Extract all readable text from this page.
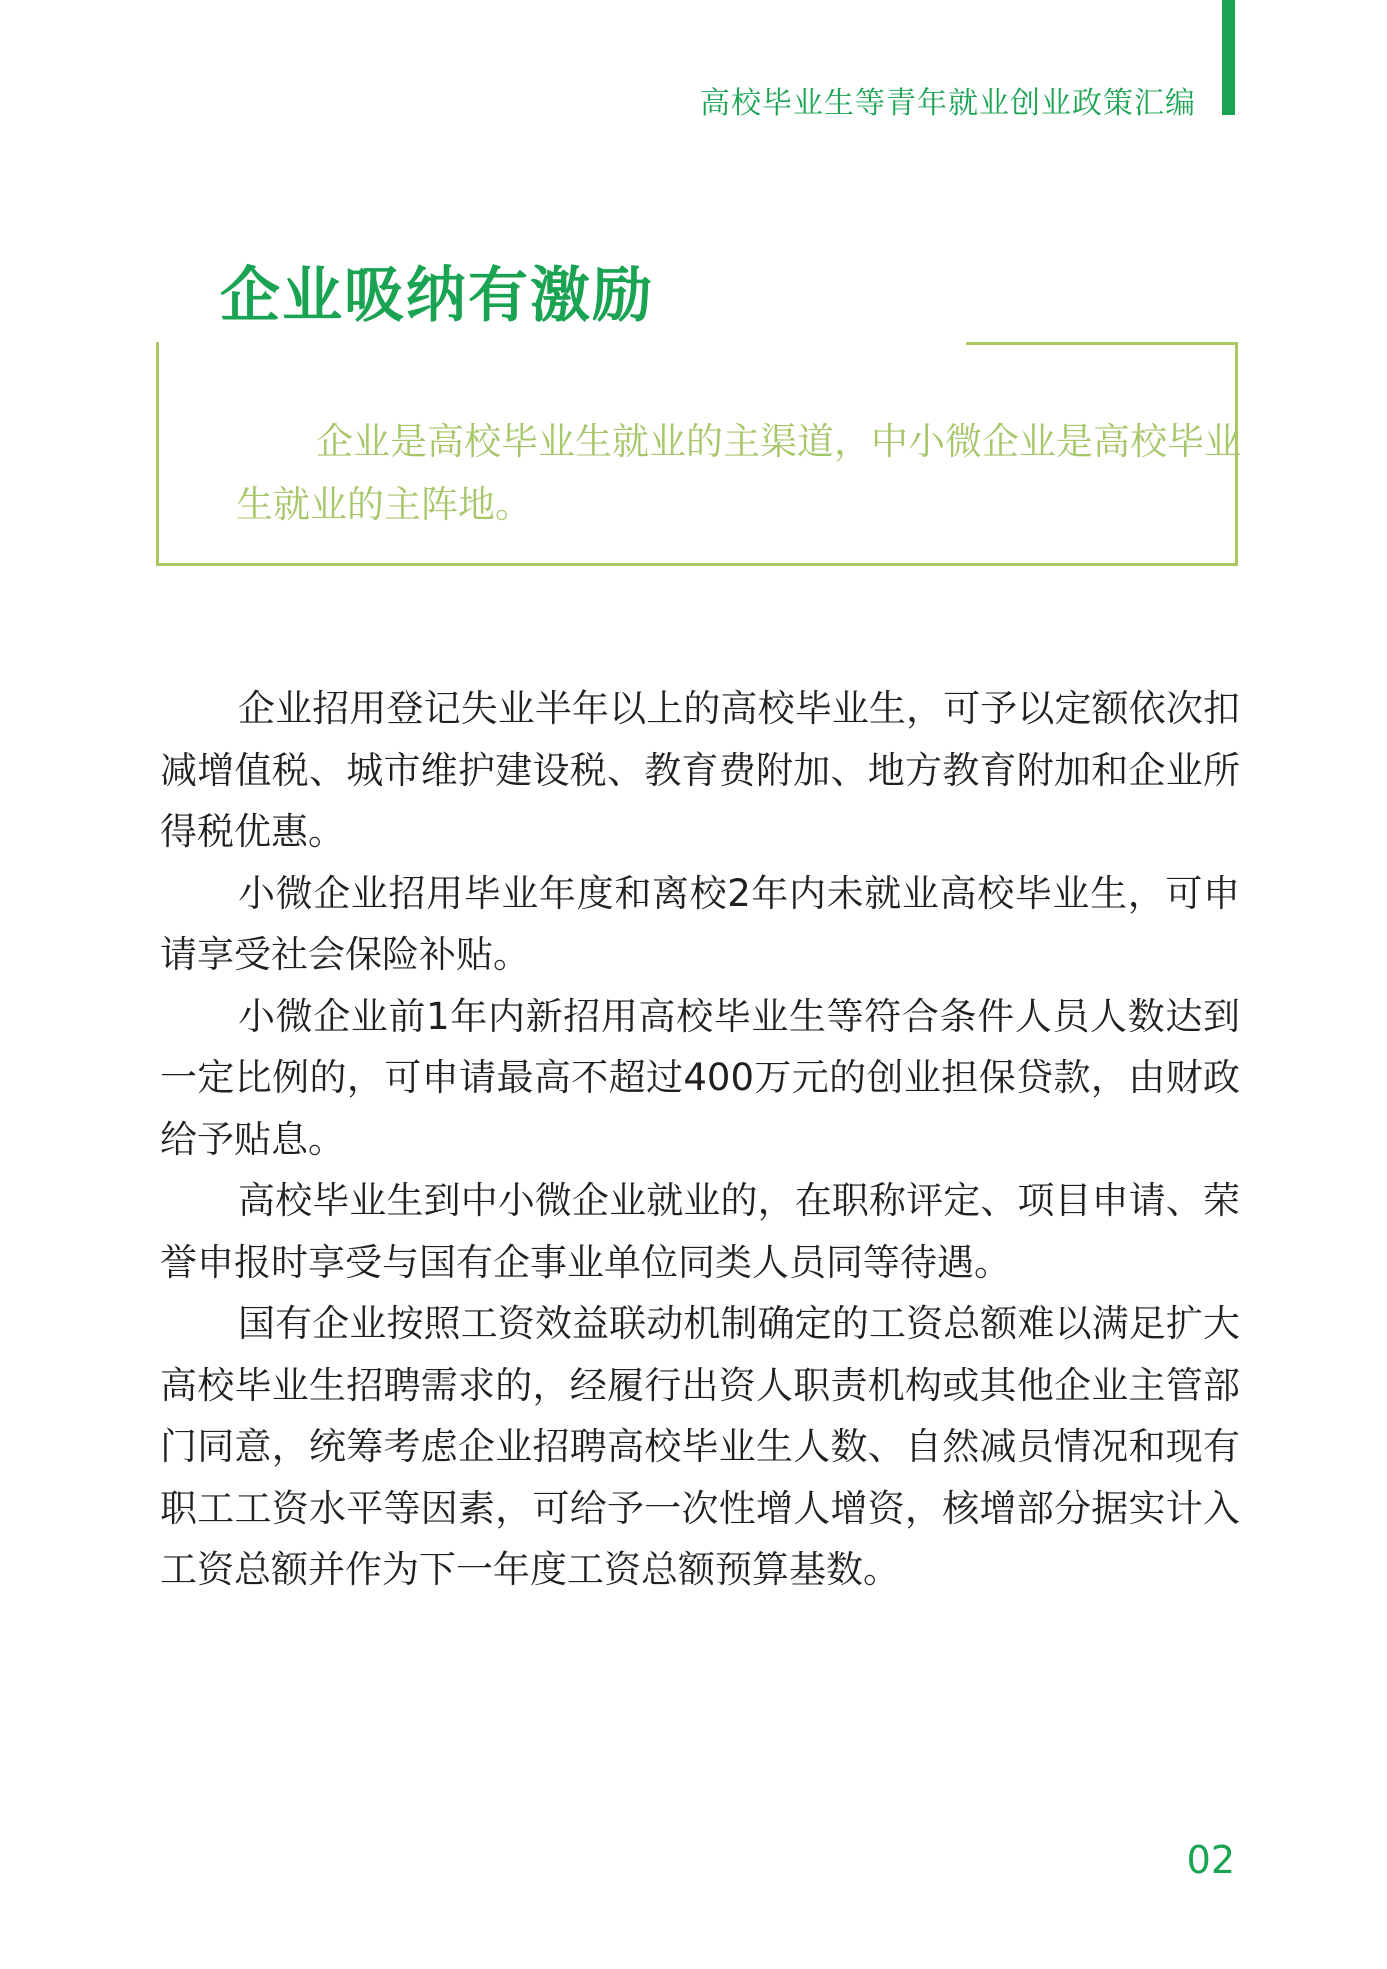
高校毕业生等青年就业创业政策汇编
企业吸纳有激励

企业是高校毕业生就业的主渠道，中小微企业是高校毕业生就业的主阵地。

企业招用登记失业半年以上的高校毕业生，可予以定额依次扣减增值税、城市维护建设税、教育费附加、地方教育附加和企业所得税优惠。

小微企业招用毕业年度和离校2年内未就业高校毕业生，可申请享受社会保险补贴。

小微企业前1年内新招用高校毕业生等符合条件人员人数达到一定比例的，可申请最高不超过400万元的创业担保贷款，由财政给予贴息。

高校毕业生到中小微企业就业的，在职称评定、项目申请、荣誉申报时享受与国有企事业单位同类人员同等待遇。

国有企业按照工资效益联动机制确定的工资总额难以满足扩大高校毕业生招聘需求的，经履行出资人职责机构或其他企业主管部门同意，统筹考虑企业招聘高校毕业生人数、自然减员情况和现有职工工资水平等因素，可给予一次性增人增资，核增部分据实计入工资总额并作为下一年度工资总额预算基数。

02
